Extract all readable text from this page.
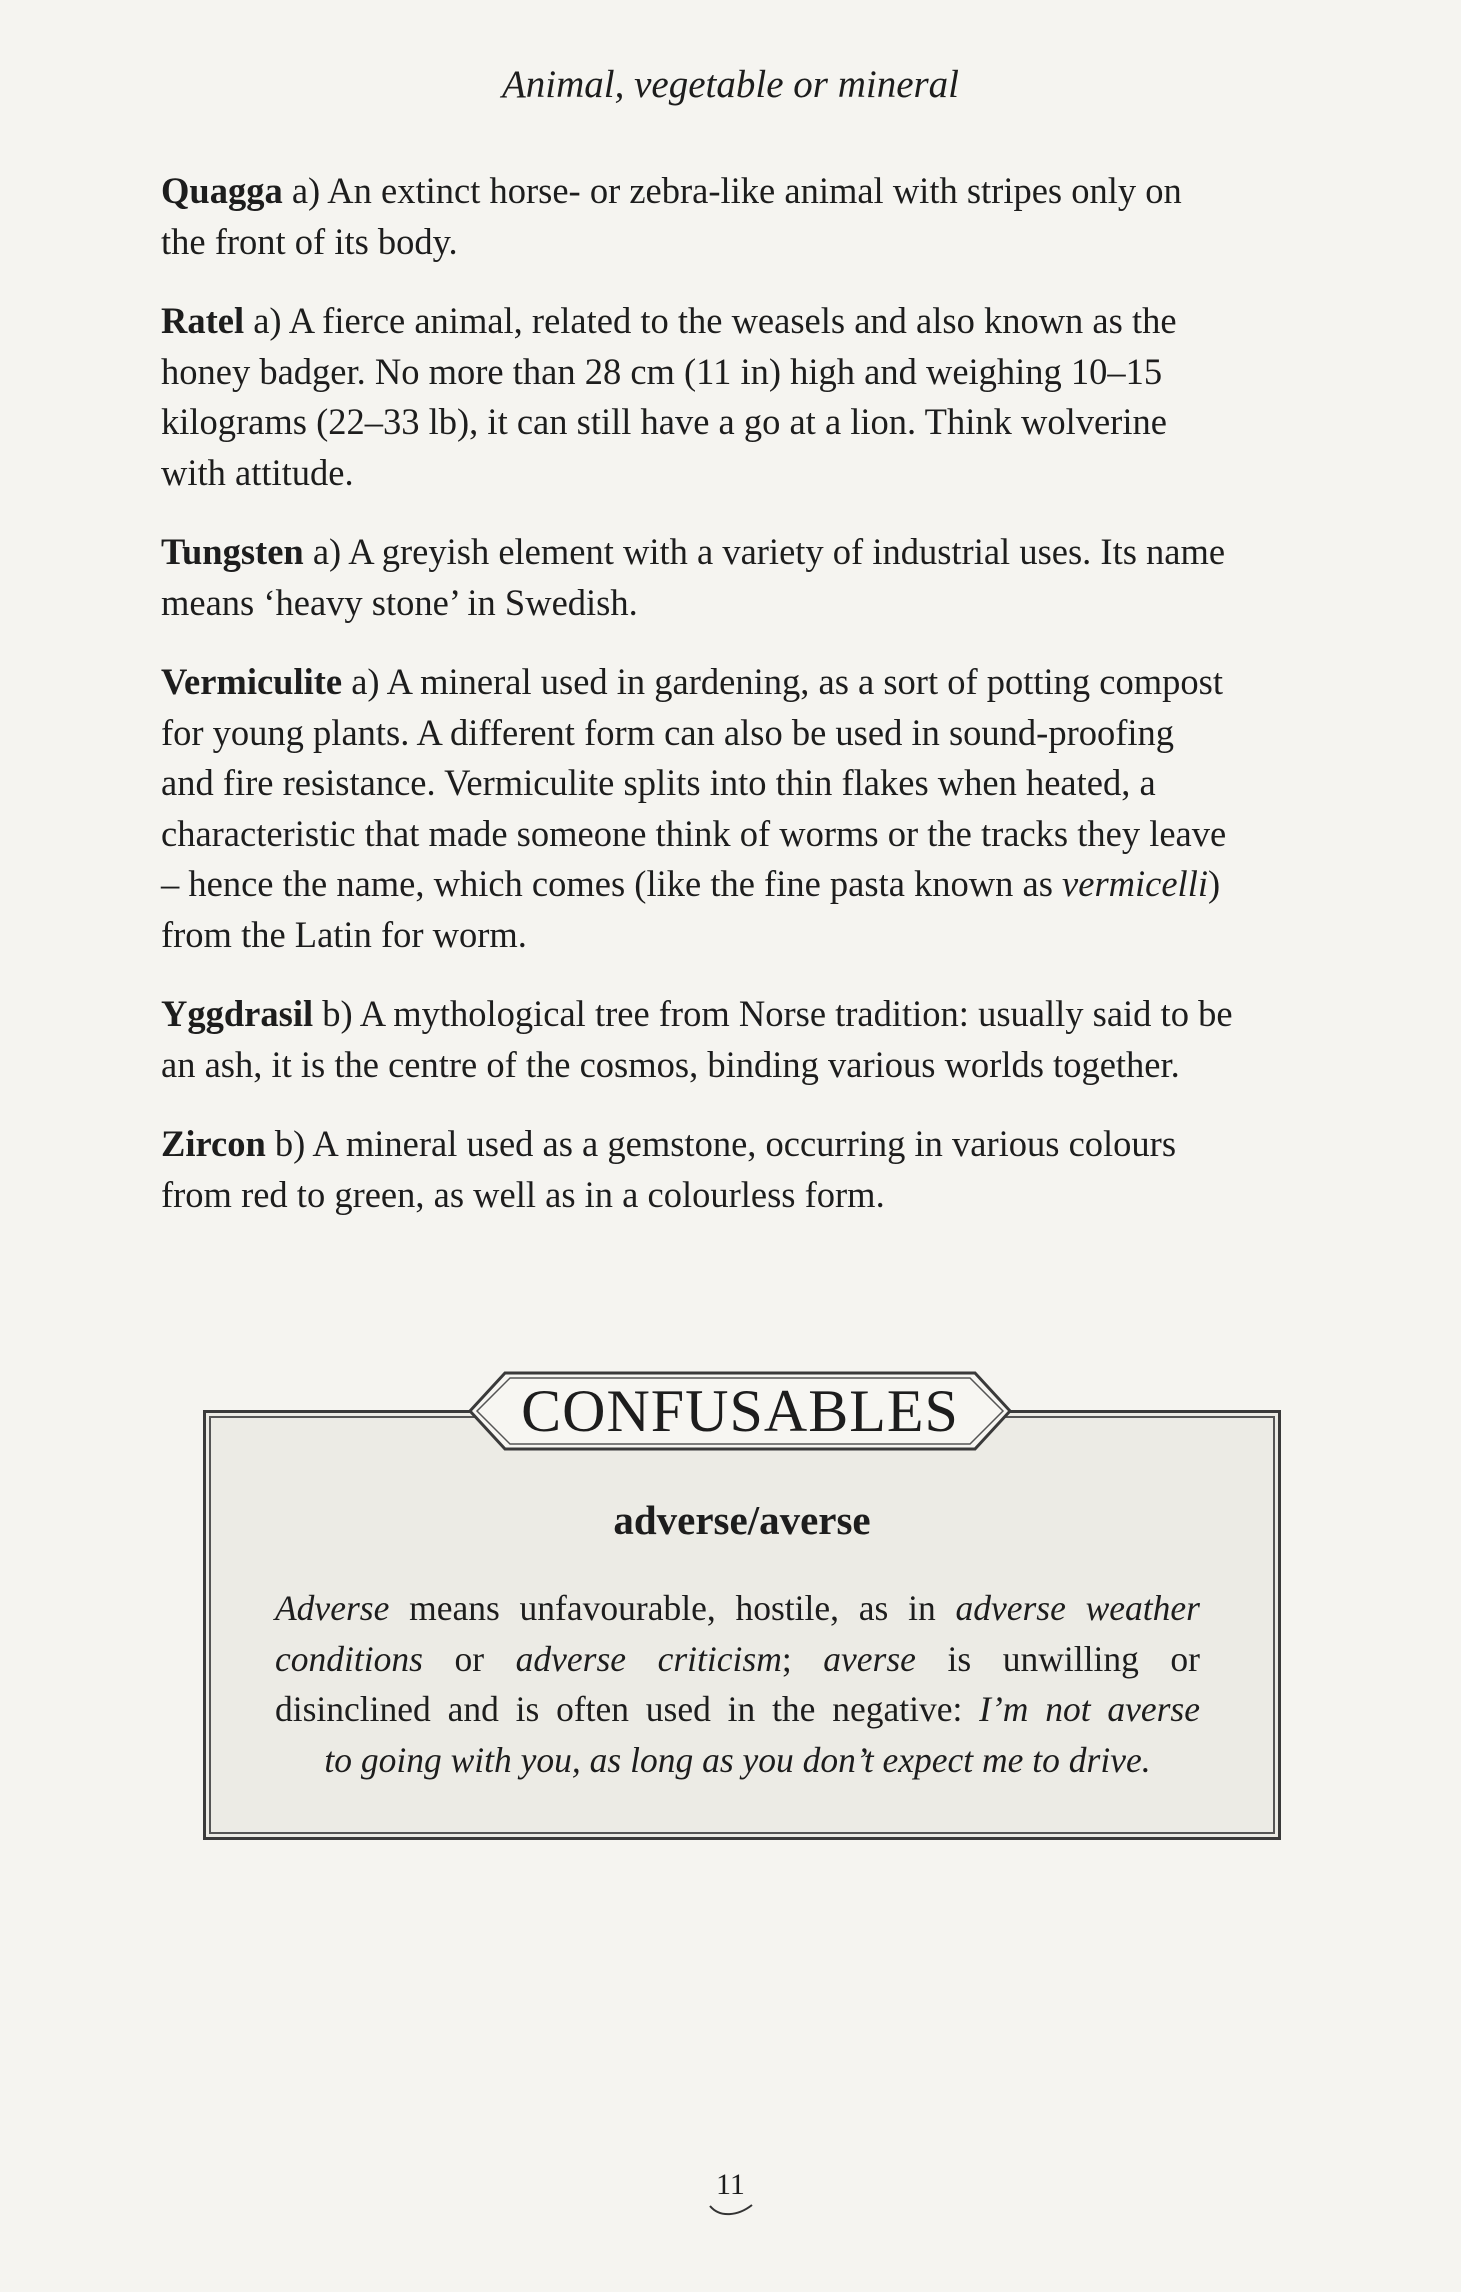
Animal, vegetable or mineral
Quagga a) An extinct horse- or zebra-like animal with stripes only on
the front of its body.
Ratel a) A fierce animal, related to the weasels and also known as the
honey badger. No more than 28 cm (11 in) high and weighing 10–15
kilograms (22–33 lb), it can still have a go at a lion. Think wolverine
with attitude.
Tungsten a) A greyish element with a variety of industrial uses. Its name
means ‘heavy stone’ in Swedish.
Vermiculite a) A mineral used in gardening, as a sort of potting compost
for young plants. A different form can also be used in sound-proofing
and fire resistance. Vermiculite splits into thin flakes when heated, a
characteristic that made someone think of worms or the tracks they leave
– hence the name, which comes (like the fine pasta known as vermicelli)
from the Latin for worm.
Yggdrasil b) A mythological tree from Norse tradition: usually said to be
an ash, it is the centre of the cosmos, binding various worlds together.
Zircon b) A mineral used as a gemstone, occurring in various colours
from red to green, as well as in a colourless form.
CONFUSABLES
adverse/averse
Adverse means unfavourable, hostile, as in adverse weather
conditions or adverse criticism; averse is unwilling or
disinclined and is often used in the negative: I’m not averse
to going with you, as long as you don’t expect me to drive.
11
